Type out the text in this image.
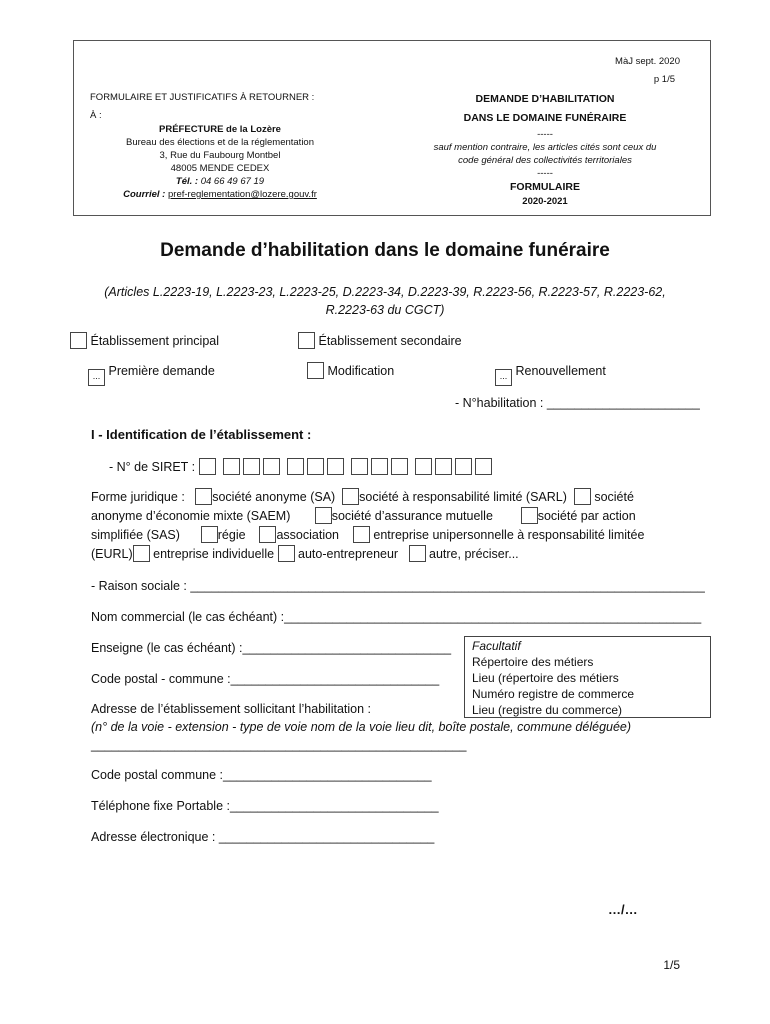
MàJ sept. 2020
p 1/5
FORMULAIRE ET JUSTIFICATIFS À RETOURNER :
À :
PRÉFECTURE de la Lozère
Bureau des élections et de la réglementation
3, Rue du Faubourg Montbel
48005 MENDE CEDEX
Tél. : 04 66 49 67 19
Courriel : pref-reglementation@lozere.gouv.fr
DEMANDE D’HABILITATION
DANS LE DOMAINE FUNÉRAIRE
-----
sauf mention contraire, les articles cités sont ceux du
code général des collectivités territoriales
-----
FORMULAIRE
2020-2021
Demande d’habilitation dans le domaine funéraire
(Articles L.2223-19, L.2223-23, L.2223-25, D.2223-34, D.2223-39, R.2223-56, R.2223-57, R.2223-62,
R.2223-63 du CGCT)
Établissement principal	Établissement secondaire
... Première demande	Modification	... Renouvellement
- N°habilitation : ______________________
I - Identification de l’établissement :
- N° de SIRET :
Forme juridique : société anonyme (SA) société à responsabilité limité (SARL) société
anonyme d’économie mixte (SAEM)	société d’assurance mutuelle	société par action
simplifiée (SAS)	régie association	entreprise unipersonnelle à responsabilité limitée
(EURL) entreprise individuelle auto-entrepreneur autre, préciser...
- Raison sociale : __________________________________________________________________________
Nom commercial (le cas échéant) :____________________________________________________________
Enseigne (le cas échéant) :______________________________
Code postal - commune :______________________________
Adresse de l’établissement sollicitant l’habilitation :
(n° de la voie - extension - type de voie nom de la voie lieu dit, boîte postale, commune déléguée)
______________________________________________________
Code postal commune :______________________________
Téléphone fixe Portable :______________________________
Adresse électronique : _______________________________
Facultatif
Répertoire des métiers
Lieu (répertoire des métiers
Numéro registre de commerce
Lieu (registre du commerce)
…/…
1/5
